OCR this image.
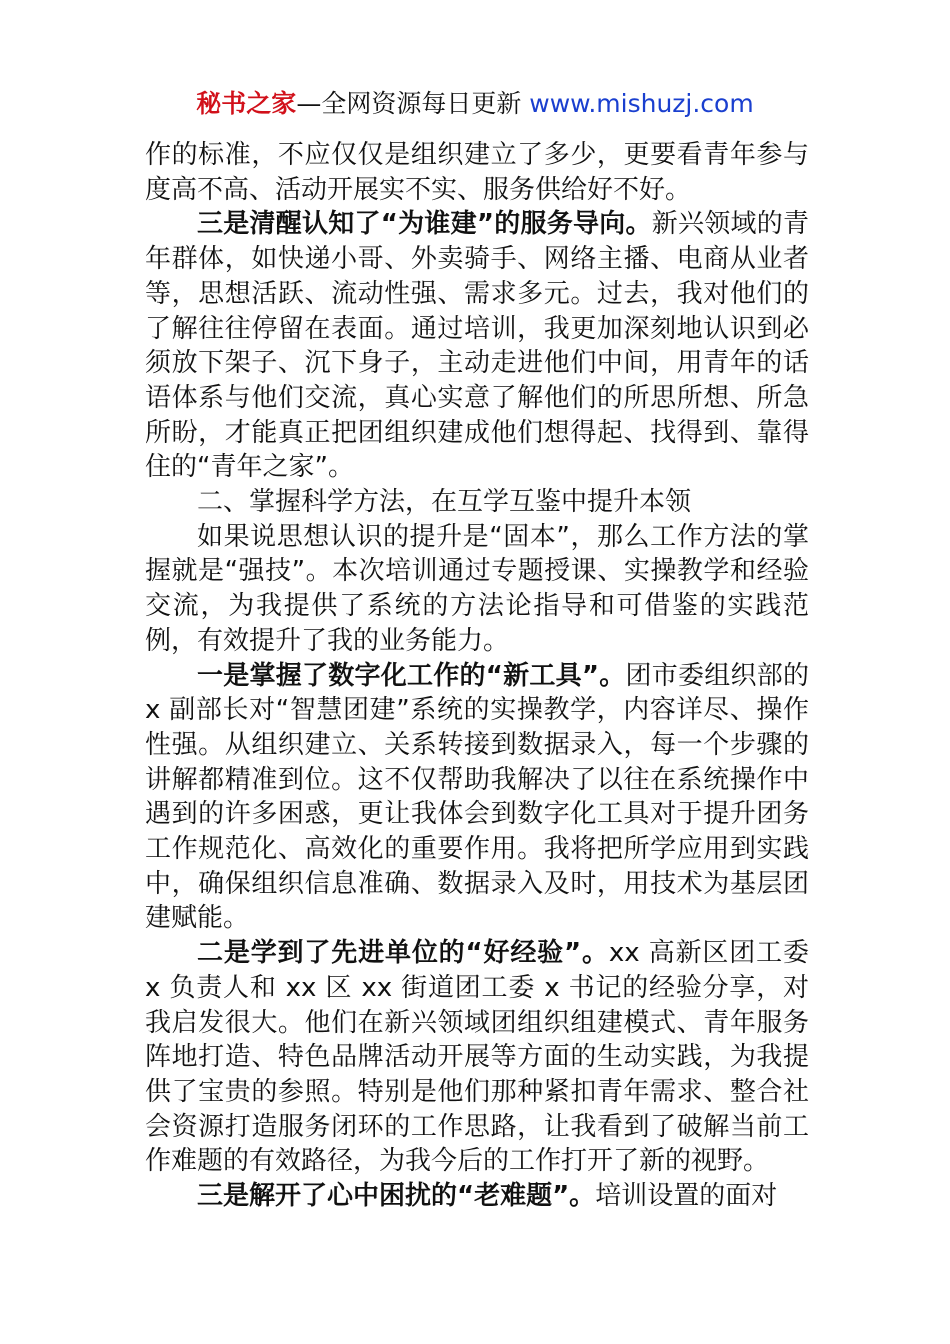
秘书之家—全网资源每日更新 www.mishuzj.com

作的标准，不应仅仅是组织建立了多少，更要看青年参与度高不高、活动开展实不实、服务供给好不好。

三是清醒认知了“为谁建”的服务导向。新兴领域的青年群体，如快递小哥、外卖骑手、网络主播、电商从业者等，思想活跃、流动性强、需求多元。过去，我对他们的了解往往停留在表面。通过培训，我更加深刻地认识到必须放下架子、沉下身子，主动走进他们中间，用青年的话语体系与他们交流，真心实意了解他们的所思所想、所急所盼，才能真正把团组织建成他们想得起、找得到、靠得住的“青年之家”。

二、掌握科学方法，在互学互鉴中提升本领

如果说思想认识的提升是“固本”，那么工作方法的掌握就是“强技”。本次培训通过专题授课、实操教学和经验交流，为我提供了系统的方法论指导和可借鉴的实践范例，有效提升了我的业务能力。

一是掌握了数字化工作的“新工具”。团市委组织部的 x 副部长对“智慧团建”系统的实操教学，内容详尽、操作性强。从组织建立、关系转接到数据录入，每一个步骤的讲解都精准到位。这不仅帮助我解决了以往在系统操作中遇到的许多困惑，更让我体会到数字化工具对于提升团务工作规范化、高效化的重要作用。我将把所学应用到实践中，确保组织信息准确、数据录入及时，用技术为基层团建赋能。

二是学到了先进单位的“好经验”。xx 高新区团工委 x 负责人和 xx 区 xx 街道团工委 x 书记的经验分享，对我启发很大。他们在新兴领域团组织组建模式、青年服务阵地打造、特色品牌活动开展等方面的生动实践，为我提供了宝贵的参照。特别是他们那种紧扣青年需求、整合社会资源打造服务闭环的工作思路，让我看到了破解当前工作难题的有效路径，为我今后的工作打开了新的视野。

三是解开了心中困扰的“老难题”。培训设置的面对
